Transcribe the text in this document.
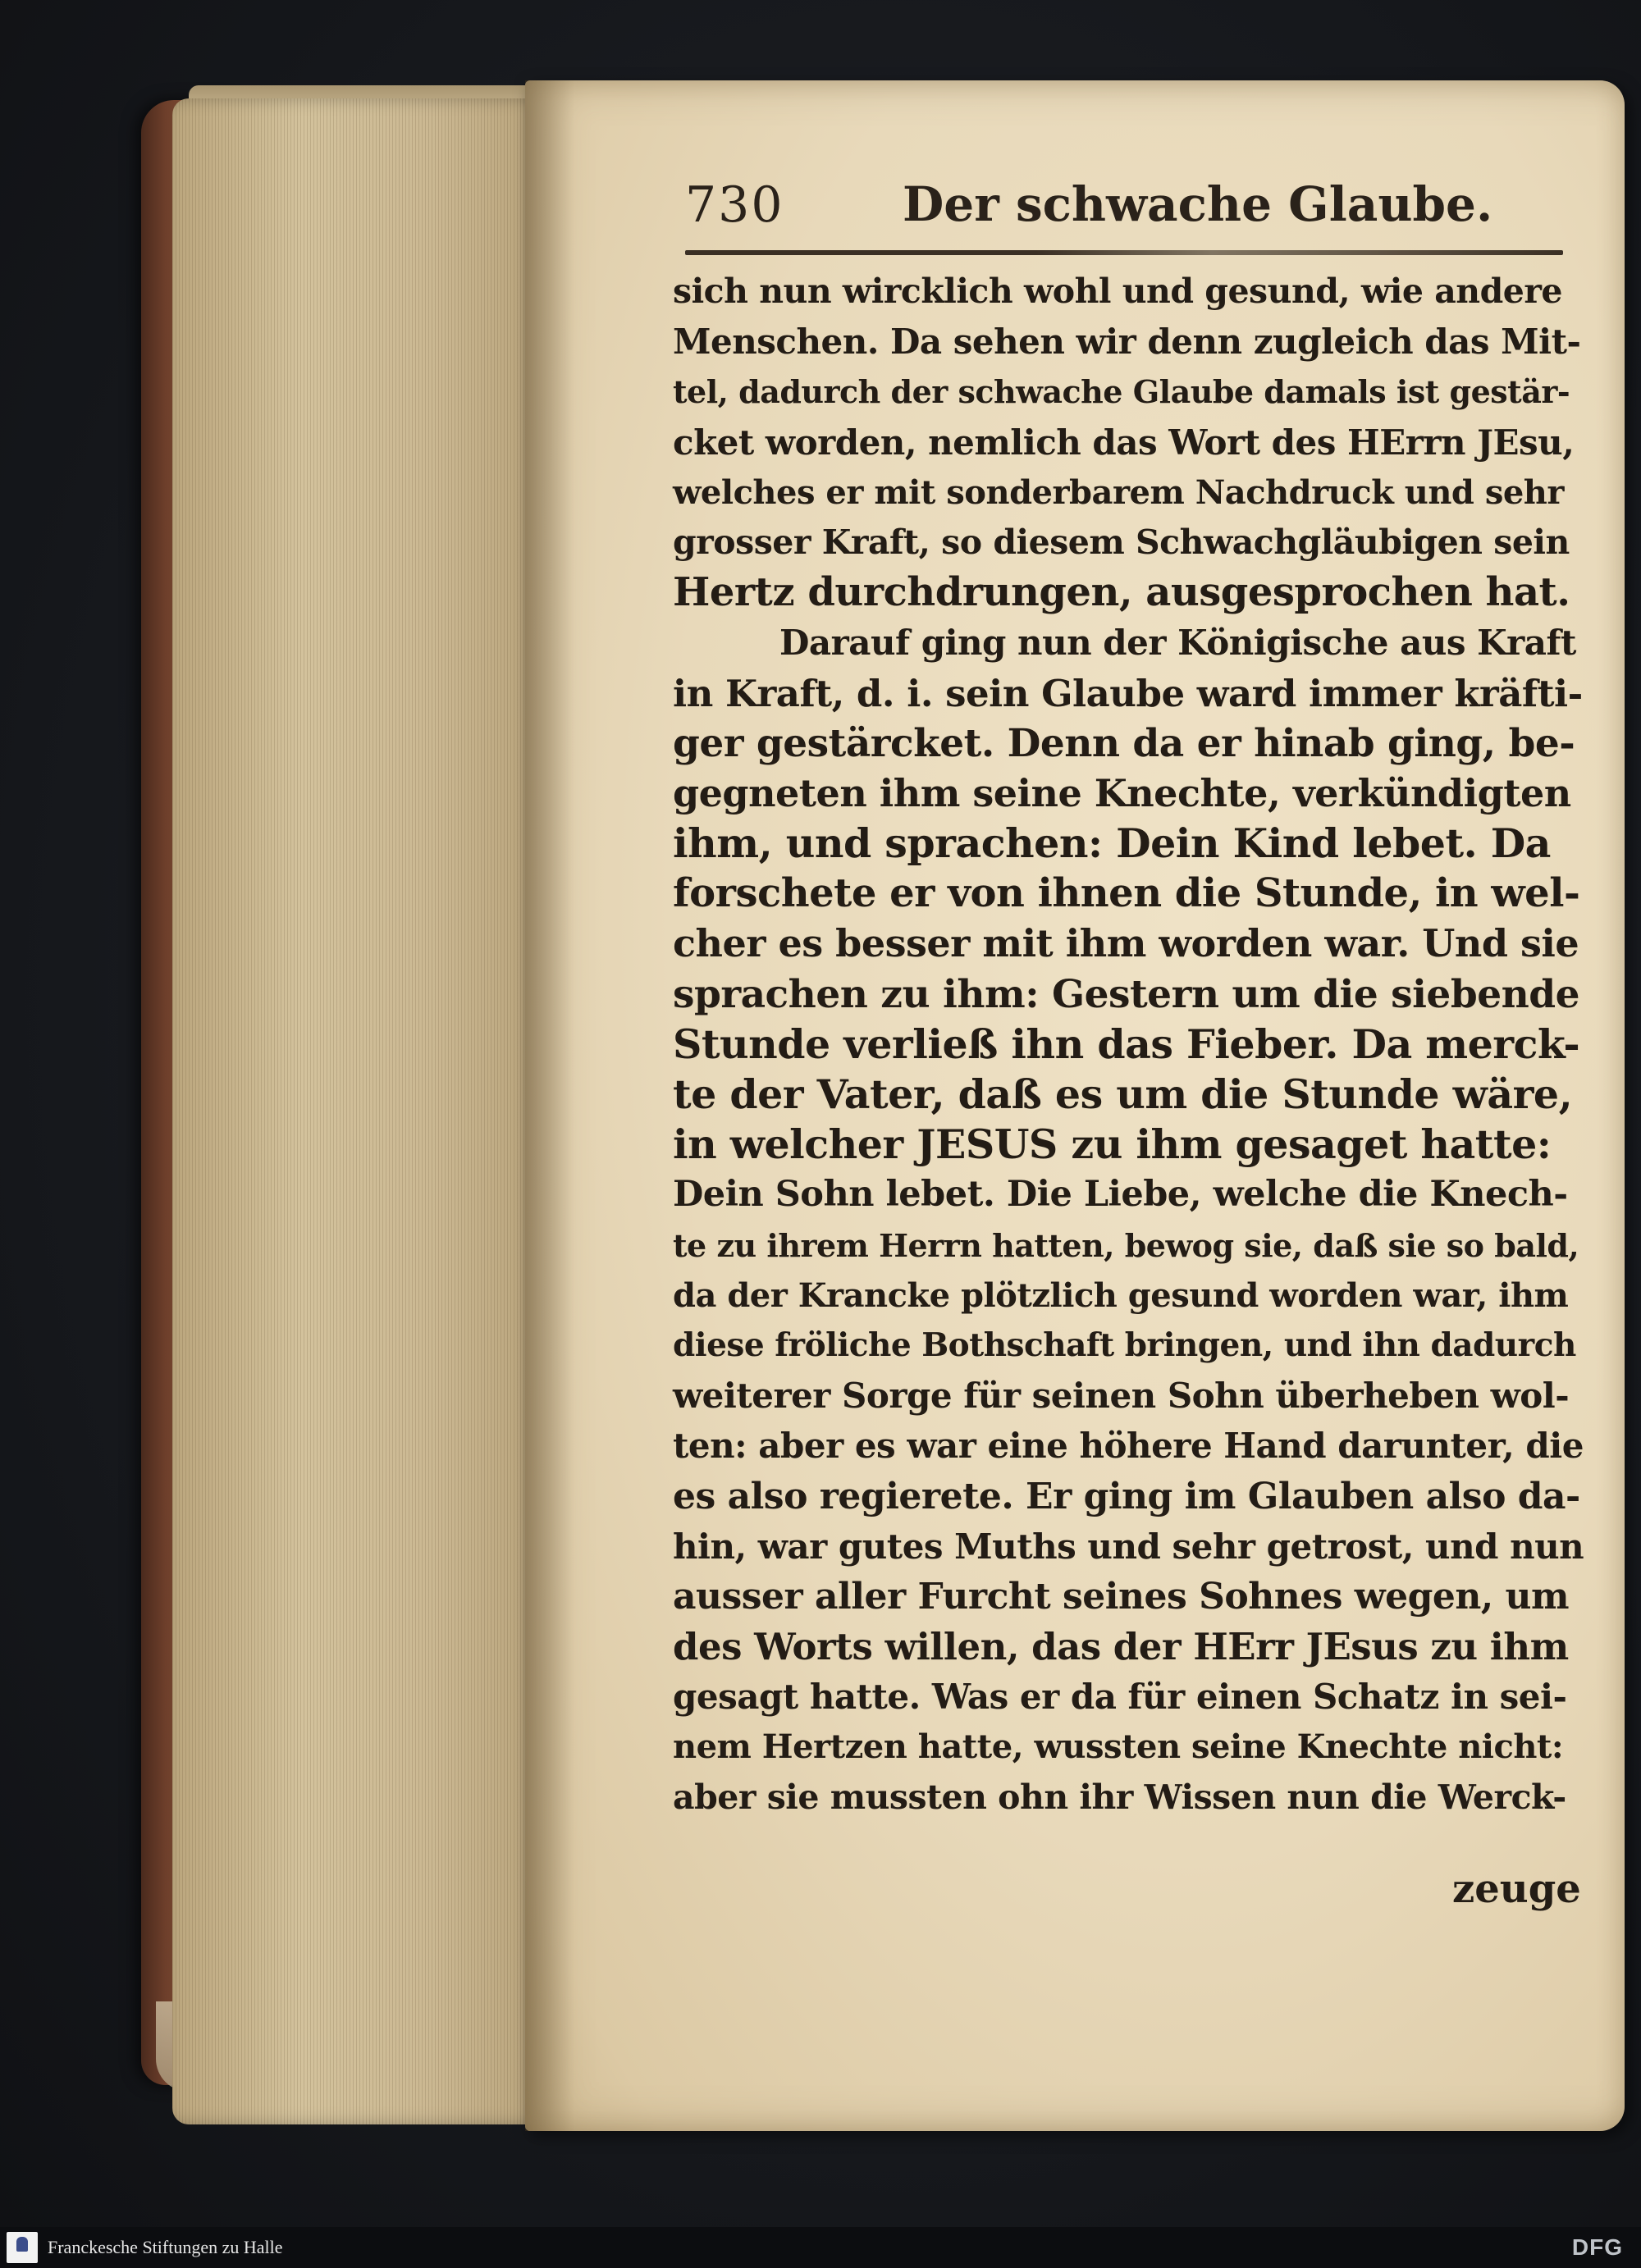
730 Der schwache Glaube.
sich nun wircklich wohl und gesund, wie andere
Menschen. Da sehen wir denn zugleich das Mit-
tel, dadurch der schwache Glaube damals ist gestär-
cket worden, nemlich das Wort des HErrn JEsu,
welches er mit sonderbarem Nachdruck und sehr
grosser Kraft, so diesem Schwachgläubigen sein
Hertz durchdrungen, ausgesprochen hat.
Darauf ging nun der Königische aus Kraft
in Kraft, d. i. sein Glaube ward immer kräfti-
ger gestärcket. Denn da er hinab ging, be-
gegneten ihm seine Knechte, verkündigten
ihm, und sprachen: Dein Kind lebet. Da
forschete er von ihnen die Stunde, in wel-
cher es besser mit ihm worden war. Und sie
sprachen zu ihm: Gestern um die siebende
Stunde verließ ihn das Fieber. Da merck-
te der Vater, daß es um die Stunde wäre,
in welcher JESUS zu ihm gesaget hatte:
Dein Sohn lebet. Die Liebe, welche die Knech-
te zu ihrem Herrn hatten, bewog sie, daß sie so bald,
da der Krancke plötzlich gesund worden war, ihm
diese fröliche Bothschaft bringen, und ihn dadurch
weiterer Sorge für seinen Sohn überheben wol-
ten: aber es war eine höhere Hand darunter, die
es also regierete. Er ging im Glauben also da-
hin, war gutes Muths und sehr getrost, und nun
ausser aller Furcht seines Sohnes wegen, um
des Worts willen, das der HErr JEsus zu ihm
gesagt hatte. Was er da für einen Schatz in sei-
nem Hertzen hatte, wussten seine Knechte nicht:
aber sie mussten ohn ihr Wissen nun die Werck-
zeuge
Franckesche Stiftungen zu Halle	DFG
